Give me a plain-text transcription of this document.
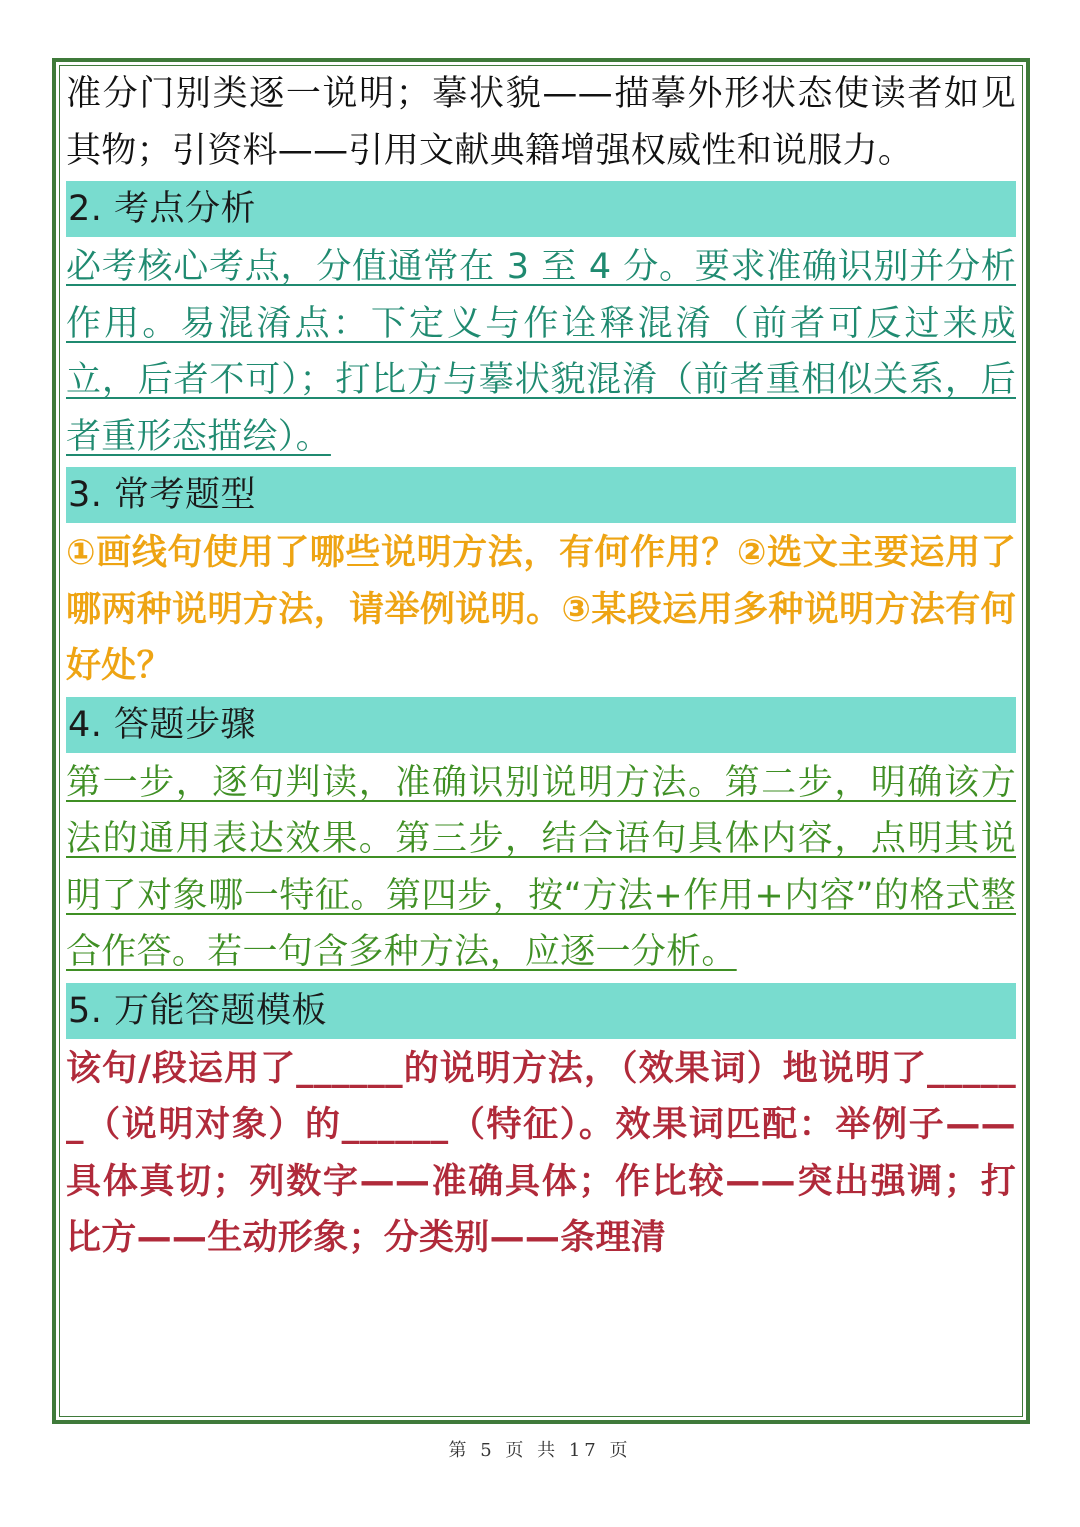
准分门别类逐一说明；摹状貌——描摹外形状态使读者如见其物；引资料——引用文献典籍增强权威性和说服力。

2. 考点分析

必考核心考点，分值通常在 3 至 4 分。要求准确识别并分析作用。易混淆点：下定义与作诠释混淆（前者可反过来成立，后者不可）；打比方与摹状貌混淆（前者重相似关系，后者重形态描绘）。

3. 常考题型

①画线句使用了哪些说明方法，有何作用？②选文主要运用了哪两种说明方法，请举例说明。③某段运用多种说明方法有何好处？

4. 答题步骤

第一步，逐句判读，准确识别说明方法。第二步，明确该方法的通用表达效果。第三步，结合语句具体内容，点明其说明了对象哪一特征。第四步，按“方法+作用+内容”的格式整合作答。若一句含多种方法，应逐一分析。

5. 万能答题模板

该句/段运用了______的说明方法，（效果词）地说明了______（说明对象）的______（特征）。效果词匹配：举例子——具体真切；列数字——准确具体；作比较——突出强调；打比方——生动形象；分类别——条理清

第 5 页 共 17 页
